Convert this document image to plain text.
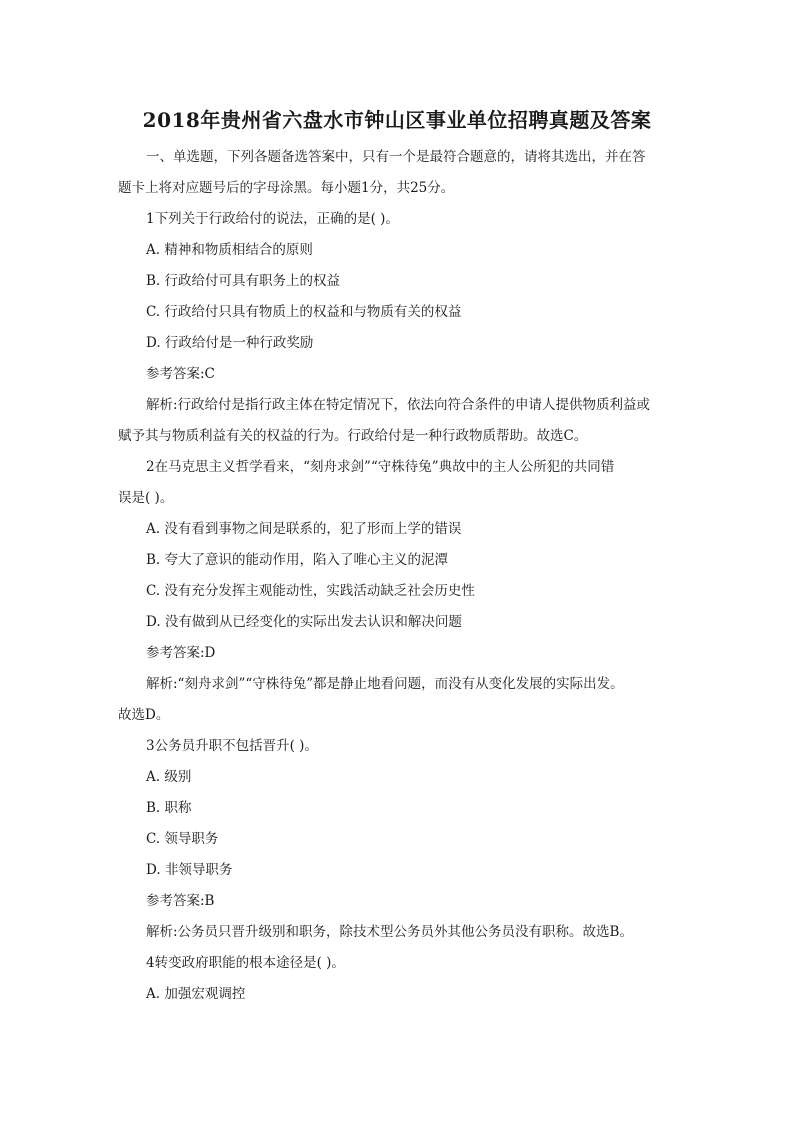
2018年贵州省六盘水市钟山区事业单位招聘真题及答案
一、单选题，下列各题备选答案中，只有一个是最符合题意的，请将其选出，并在答
题卡上将对应题号后的字母涂黑。每小题1分，共25分。
1下列关于行政给付的说法，正确的是( )。
A. 精神和物质相结合的原则
B. 行政给付可具有职务上的权益
C. 行政给付只具有物质上的权益和与物质有关的权益
D. 行政给付是一种行政奖励
参考答案:C
解析:行政给付是指行政主体在特定情况下，依法向符合条件的申请人提供物质利益或
赋予其与物质利益有关的权益的行为。行政给付是一种行政物质帮助。故选C。
2在马克思主义哲学看来，“刻舟求剑”“守株待兔”典故中的主人公所犯的共同错
误是( )。
A. 没有看到事物之间是联系的，犯了形而上学的错误
B. 夸大了意识的能动作用，陷入了唯心主义的泥潭
C. 没有充分发挥主观能动性，实践活动缺乏社会历史性
D. 没有做到从已经变化的实际出发去认识和解决问题
参考答案:D
解析:“刻舟求剑”“守株待兔”都是静止地看问题，而没有从变化发展的实际出发。
故选D。
3公务员升职不包括晋升( )。
A. 级别
B. 职称
C. 领导职务
D. 非领导职务
参考答案:B
解析:公务员只晋升级别和职务，除技术型公务员外其他公务员没有职称。故选B。
4转变政府职能的根本途径是( )。
A. 加强宏观调控
